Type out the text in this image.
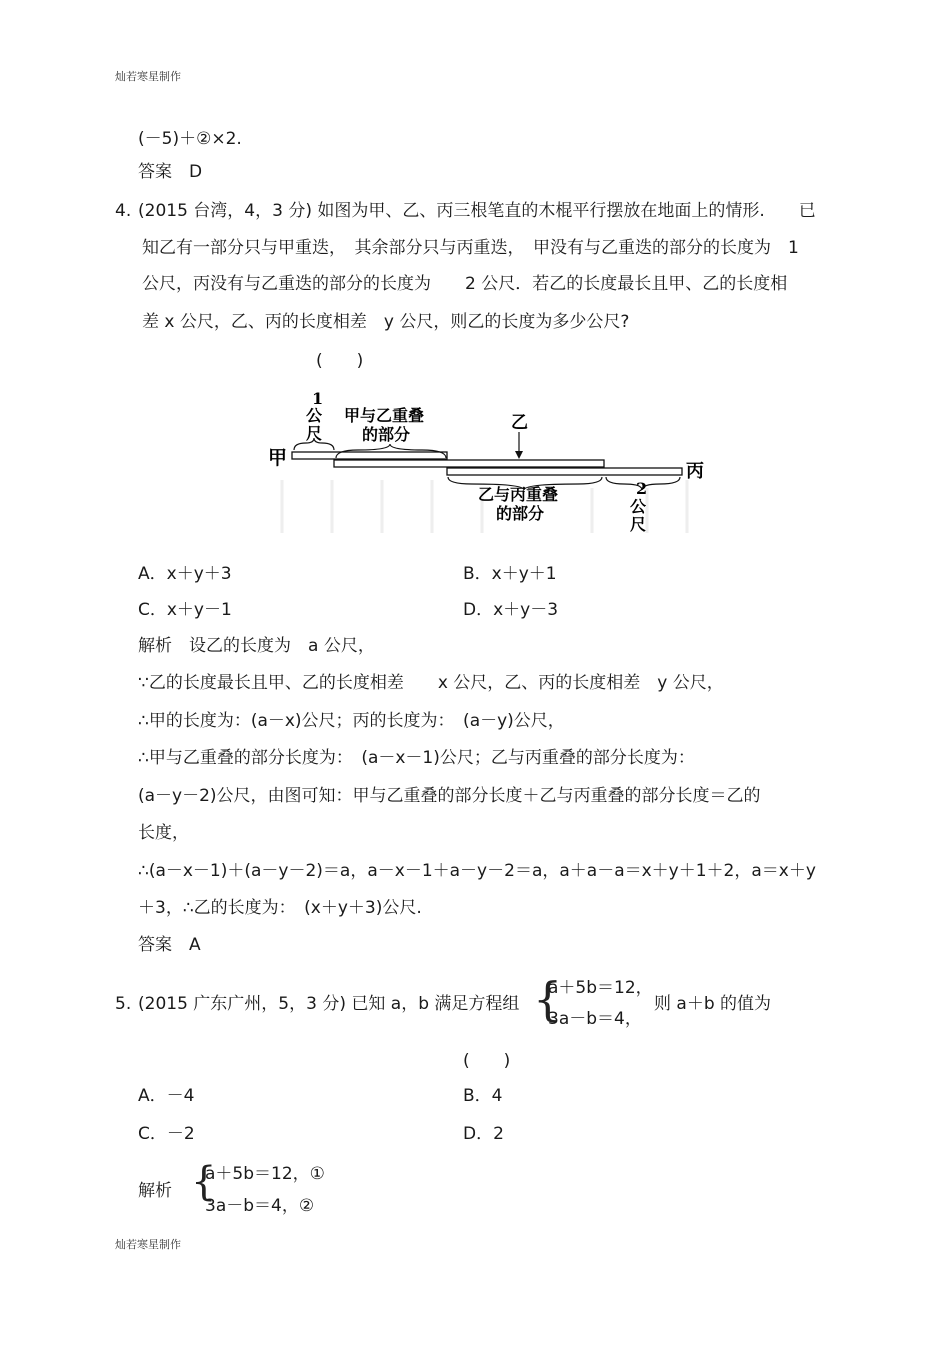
灿若寒星制作
(－5)＋②×2.
答案　D
4. (2015 台湾，4，3 分) 如图为甲、乙、丙三根笔直的木棍平行摆放在地面上的情形.　　已
知乙有一部分只与甲重迭，　其余部分只与丙重迭，　甲没有与乙重迭的部分的长度为　1
公尺，丙没有与乙重迭的部分的长度为　　2 公尺．若乙的长度最长且甲、乙的长度相
差 x 公尺，乙、丙的长度相差　y 公尺，则乙的长度为多少公尺?
(　　)
甲
丙
乙
1
公
尺
甲与乙重叠
的部分
乙与丙重叠
的部分
2
公
尺
A．x＋y＋3	B．x＋y＋1
C．x＋y－1	D．x＋y－3
解析　设乙的长度为　a 公尺，
∵乙的长度最长且甲、乙的长度相差　　x 公尺，乙、丙的长度相差　y 公尺，
∴甲的长度为：(a－x)公尺；丙的长度为：　(a－y)公尺，
∴甲与乙重叠的部分长度为：　(a－x－1)公尺；乙与丙重叠的部分长度为：
(a－y－2)公尺，由图可知：甲与乙重叠的部分长度＋乙与丙重叠的部分长度＝乙的
长度，
∴(a－x－1)＋(a－y－2)＝a，a－x－1＋a－y－2＝a，a＋a－a＝x＋y＋1＋2，a＝x＋y
＋3，∴乙的长度为：　(x＋y＋3)公尺.
答案　A
5. (2015 广东广州，5，3 分) 已知 a，b 满足方程组 {
a＋5b＝12，
3a－b＝4，
则 a＋b 的值为
(　　)
A．－4	B．4
C．－2	D．2
解析 {
a＋5b＝12，①
3a－b＝4，②
灿若寒星制作
